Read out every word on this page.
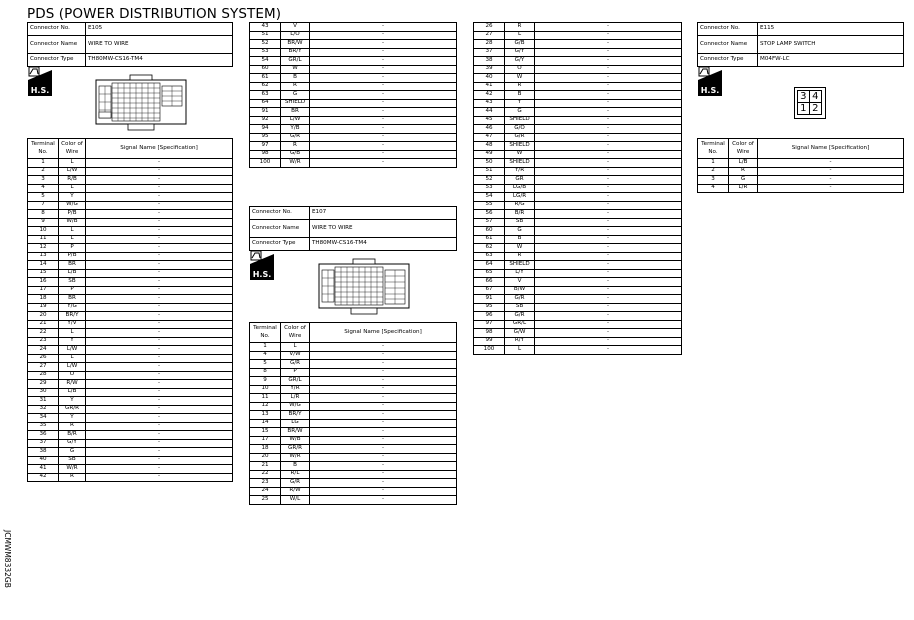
PDS (POWER DISTRIBUTION SYSTEM)
JCMWM8332GB
Connector No.	E105
Connector Name	WIRE TO WIRE
Connector Type	TH80MW-CS16-TM4
Connector No.	E107
Connector Name	WIRE TO WIRE
Connector Type	TH80MW-CS16-TM4
Connector No.	E115
Connector Name	STOP LAMP SWITCH
Connector Type	M04FW-LC
H.S.
H.S.
H.S.
3 4
1 2
Terminal No.	Color of Wire	Signal Name [Specification]
1	L	-
2	L/W	-
3	R/B	-
4	L	-
5	Y	-
7	W/G	-
8	P/B	-
9	W/B	-
10	L	-
11	L	-
12	P	-
13	P/B	-
14	BR	-
15	L/B	-
16	SB	-
17	P	-
18	BR	-
19	Y/G	-
20	BR/Y	-
21	Y/V	-
22	L	-
23	Y	-
24	L/W	-
26	L	-
27	L/W	-
28	O	-
29	R/W	-
30	L/B	-
31	Y	-
32	GR/R	-
34	Y	-
35	R	-
36	B/R	-
37	G/Y	-
38	G	-
40	SB	-
41	W/R	-
42	R	-
43	V	-
51	L/O	-
52	BR/W	-
53	BR/Y	-
54	GR/L	-
60	W	-
61	B	-
62	R	-
63	G	-
64	SHIELD	-
91	BR	-
92	L/W	-
94	Y/B	-
95	G/R	-
97	R	-
98	G/B	-
100	W/R	-
Terminal No.	Color of Wire	Signal Name [Specification]
1	L	-
4	V/W	-
5	G/R	-
8	P	-
9	GR/L	-
10	Y/R	-
11	L/R	-
12	W/G	-
13	BR/Y	-
14	LG	-
15	BR/W	-
17	W/B	-
18	GR/R	-
20	W/R	-
21	B	-
22	R/L	-
23	G/R	-
24	R/W	-
25	W/L	-
26	R	-
27	L	-
28	G/B	-
37	G/Y	-
38	G/Y	-
39	O	-
40	W	-
41	R	-
42	B	-
43	Y	-
44	G	-
45	SHIELD	-
46	G/O	-
47	G/R	-
48	SHIELD	-
49	W	-
50	SHIELD	-
51	Y/R	-
52	GR	-
53	LG/B	-
54	LG/R	-
55	R/G	-
56	B/R	-
57	SB	-
60	G	-
61	B	-
62	W	-
63	R	-
64	SHIELD	-
65	L/Y	-
66	V	-
67	B/W	-
91	G/R	-
95	SB	-
96	G/R	-
97	GR/L	-
98	G/W	-
99	R/Y	-
100	L	-
Terminal No.	Color of Wire	Signal Name [Specification]
1	L/B	-
2	R	-
3	G	-
4	L/R	-
